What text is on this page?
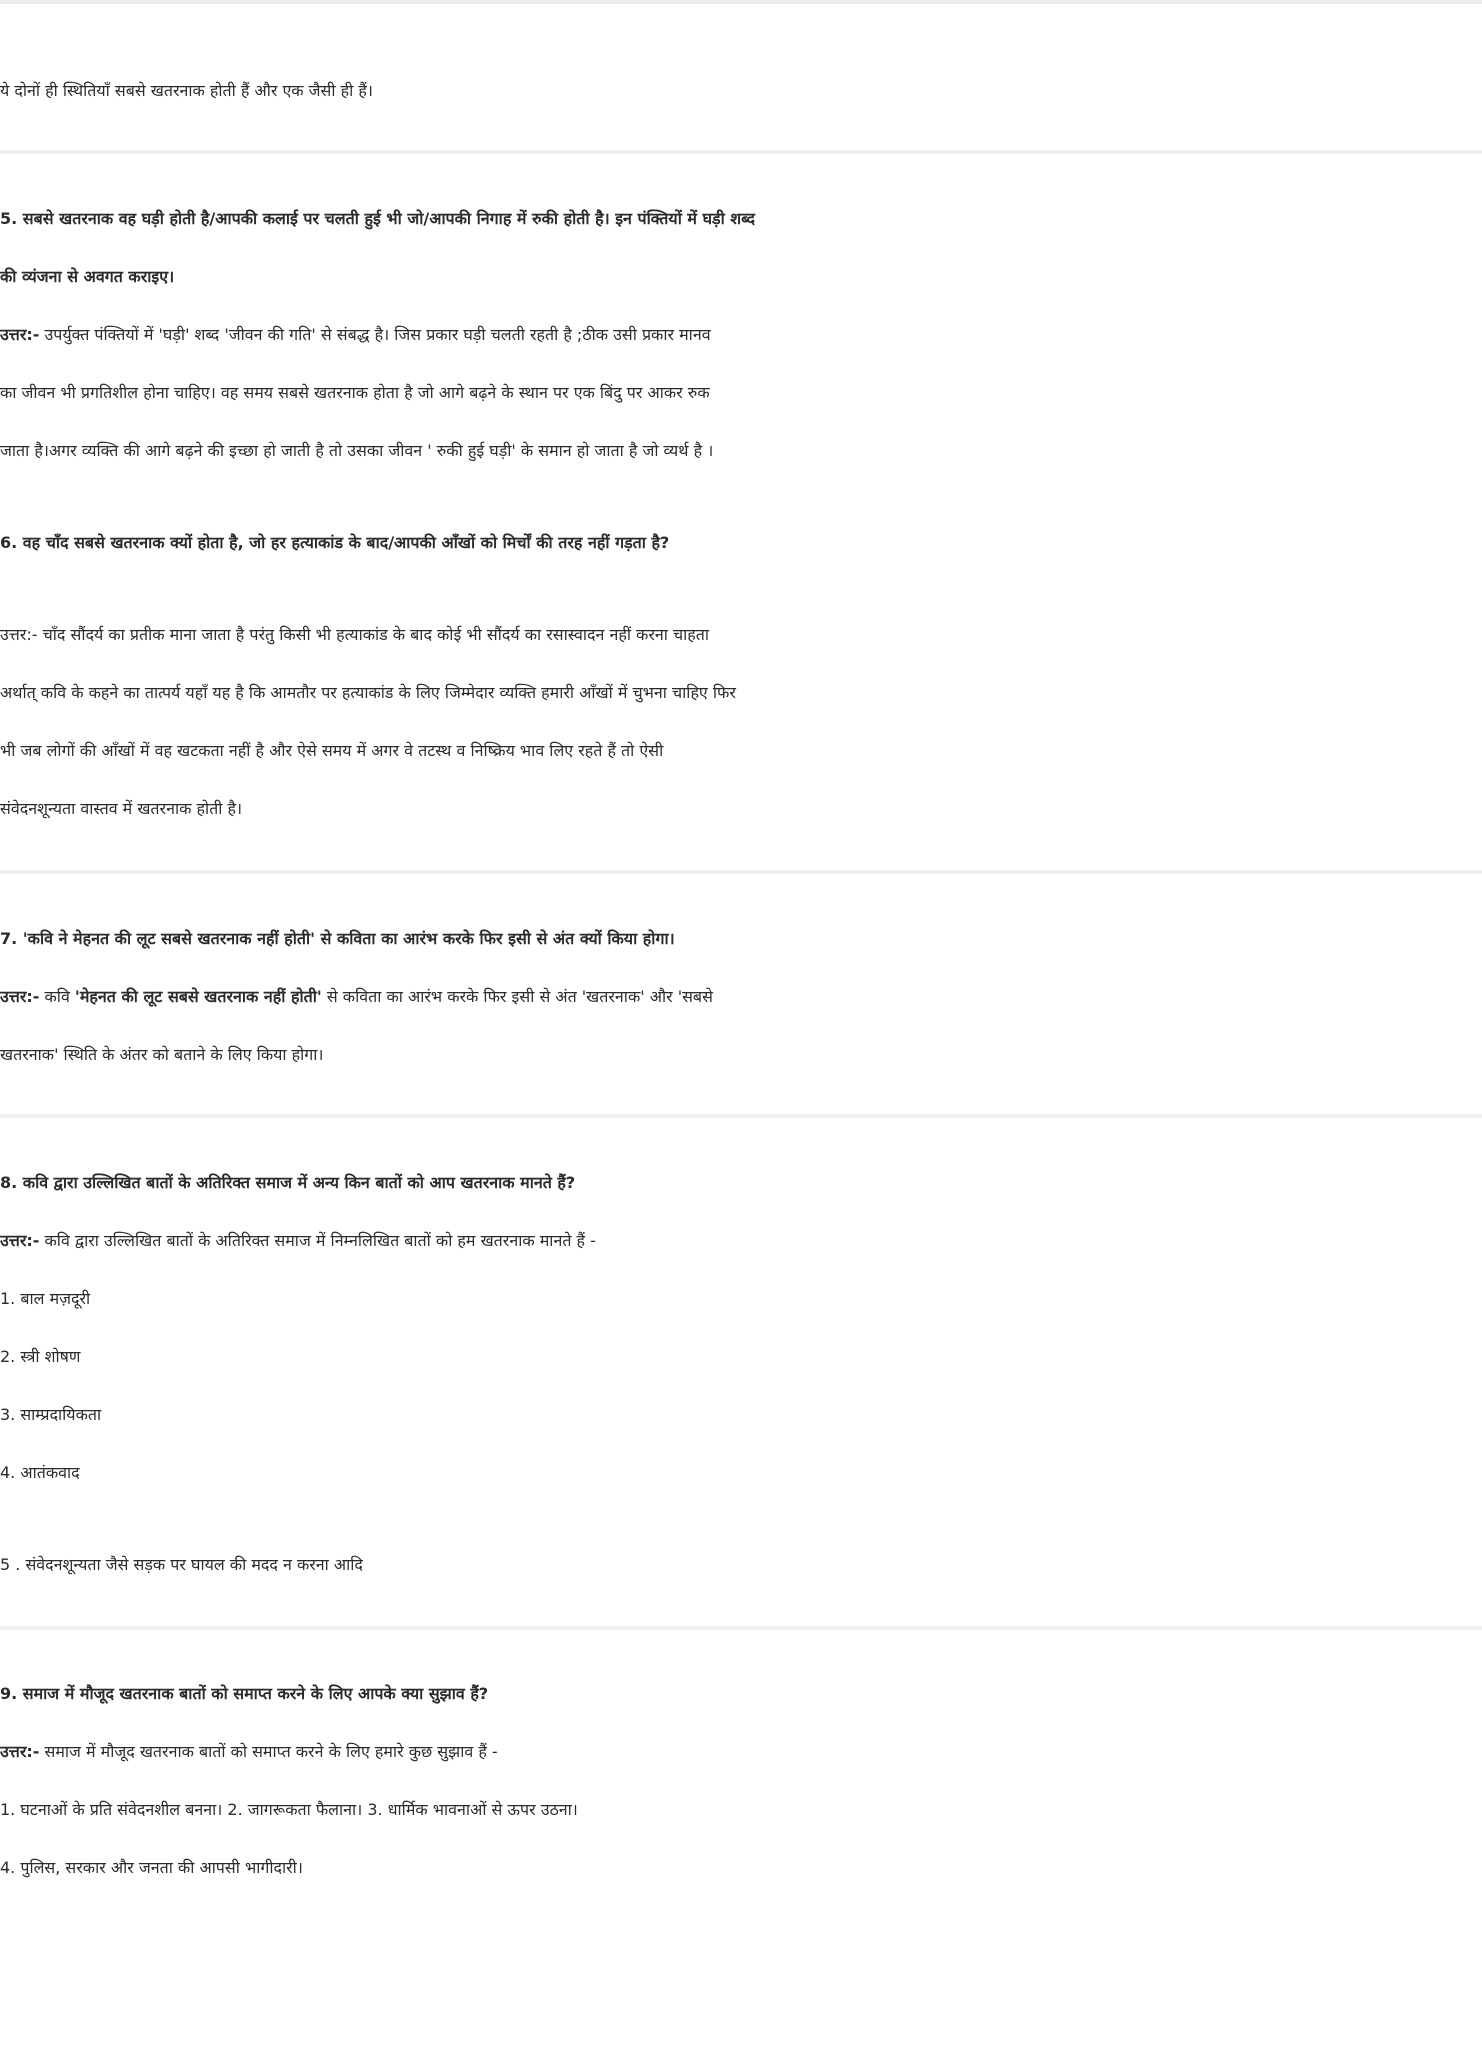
ये दोनों ही स्थितियाँ सबसे खतरनाक होती हैं और एक जैसी ही हैं।
5. सबसे खतरनाक वह घड़ी होती है/आपकी कलाई पर चलती हुई भी जो/आपकी निगाह में रुकी होती है। इन पंक्तियों में घड़ी शब्द
की व्यंजना से अवगत कराइए।
उत्तर:- उपर्युक्त पंक्तियों में 'घड़ी' शब्द 'जीवन की गति' से संबद्ध है। जिस प्रकार घड़ी चलती रहती है ;ठीक उसी प्रकार मानव
का जीवन भी प्रगतिशील होना चाहिए। वह समय सबसे खतरनाक होता है जो आगे बढ़ने के स्थान पर एक बिंदु पर आकर रुक
जाता है।अगर व्यक्ति की आगे बढ़ने की इच्छा हो जाती है तो उसका जीवन ' रुकी हुई घड़ी' के समान हो जाता है जो व्यर्थ है ।
6. वह चाँद सबसे खतरनाक क्यों होता है, जो हर हत्याकांड के बाद/आपकी आँखों को मिर्चों की तरह नहीं गड़ता है?
उत्तर:- चाँद सौंदर्य का प्रतीक माना जाता है परंतु किसी भी हत्याकांड के बाद कोई भी सौंदर्य का रसास्वादन नहीं करना चाहता
अर्थात् कवि के कहने का तात्पर्य यहाँ यह है कि आमतौर पर हत्याकांड के लिए जिम्मेदार व्यक्ति हमारी आँखों में चुभना चाहिए फिर
भी जब लोगों की आँखों में वह खटकता नहीं है और ऐसे समय में अगर वे तटस्थ व निष्क्रिय भाव लिए रहते हैं तो ऐसी
संवेदनशून्यता वास्तव में खतरनाक होती है।
7. 'कवि ने मेहनत की लूट सबसे खतरनाक नहीं होती' से कविता का आरंभ करके फिर इसी से अंत क्यों किया होगा।
उत्तर:- कवि 'मेहनत की लूट सबसे खतरनाक नहीं होती' से कविता का आरंभ करके फिर इसी से अंत 'खतरनाक' और 'सबसे
खतरनाक' स्थिति के अंतर को बताने के लिए किया होगा।
8. कवि द्वारा उल्लिखित बातों के अतिरिक्त समाज में अन्य किन बातों को आप खतरनाक मानते हैं?
उत्तर:- कवि द्वारा उल्लिखित बातों के अतिरिक्त समाज में निम्नलिखित बातों को हम खतरनाक मानते हैं -
1. बाल मज़दूरी
2. स्त्री शोषण
3. साम्प्रदायिकता
4. आतंकवाद
5 . संवेदनशून्यता जैसे सड़क पर घायल की मदद न करना आदि
9. समाज में मौजूद खतरनाक बातों को समाप्त करने के लिए आपके क्या सुझाव हैं?
उत्तर:- समाज में मौजूद खतरनाक बातों को समाप्त करने के लिए हमारे कुछ सुझाव हैं -
1. घटनाओं के प्रति संवेदनशील बनना। 2. जागरूकता फैलाना। 3. धार्मिक भावनाओं से ऊपर उठना।
4. पुलिस, सरकार और जनता की आपसी भागीदारी।
